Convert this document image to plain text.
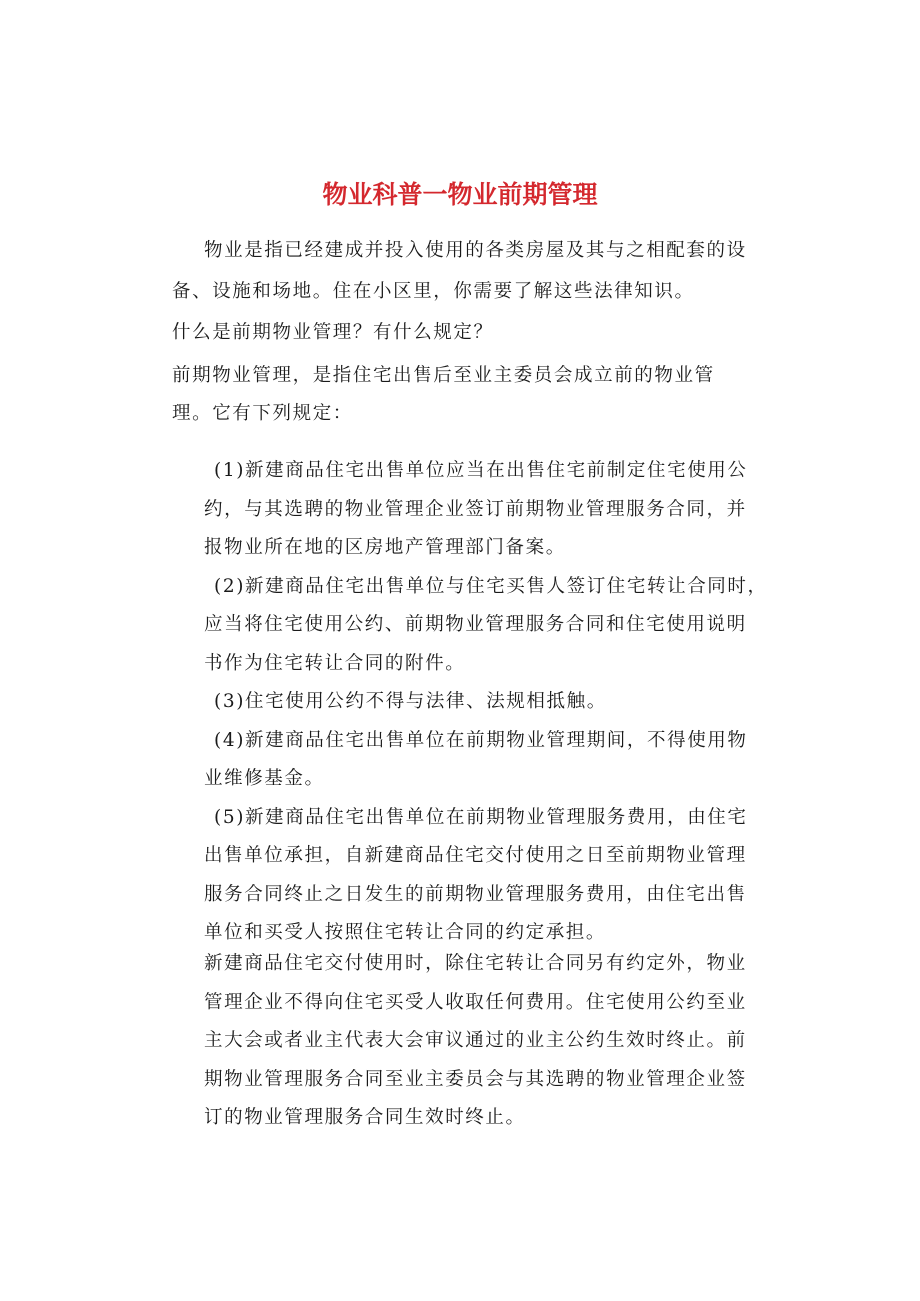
物业科普一物业前期管理

物业是指已经建成并投入使用的各类房屋及其与之相配套的设
备、设施和场地。住在小区里，你需要了解这些法律知识。

什么是前期物业管理？有什么规定？

前期物业管理，是指住宅出售后至业主委员会成立前的物业管
理。它有下列规定：

(1)新建商品住宅出售单位应当在出售住宅前制定住宅使用公
约，与其选聘的物业管理企业签订前期物业管理服务合同，并
报物业所在地的区房地产管理部门备案。

(2)新建商品住宅出售单位与住宅买售人签订住宅转让合同时，
应当将住宅使用公约、前期物业管理服务合同和住宅使用说明
书作为住宅转让合同的附件。

(3)住宅使用公约不得与法律、法规相抵触。

(4)新建商品住宅出售单位在前期物业管理期间，不得使用物
业维修基金。

(5)新建商品住宅出售单位在前期物业管理服务费用，由住宅
出售单位承担，自新建商品住宅交付使用之日至前期物业管理
服务合同终止之日发生的前期物业管理服务费用，由住宅出售
单位和买受人按照住宅转让合同的约定承担。

新建商品住宅交付使用时，除住宅转让合同另有约定外，物业
管理企业不得向住宅买受人收取任何费用。住宅使用公约至业
主大会或者业主代表大会审议通过的业主公约生效时终止。前
期物业管理服务合同至业主委员会与其选聘的物业管理企业签
订的物业管理服务合同生效时终止。
